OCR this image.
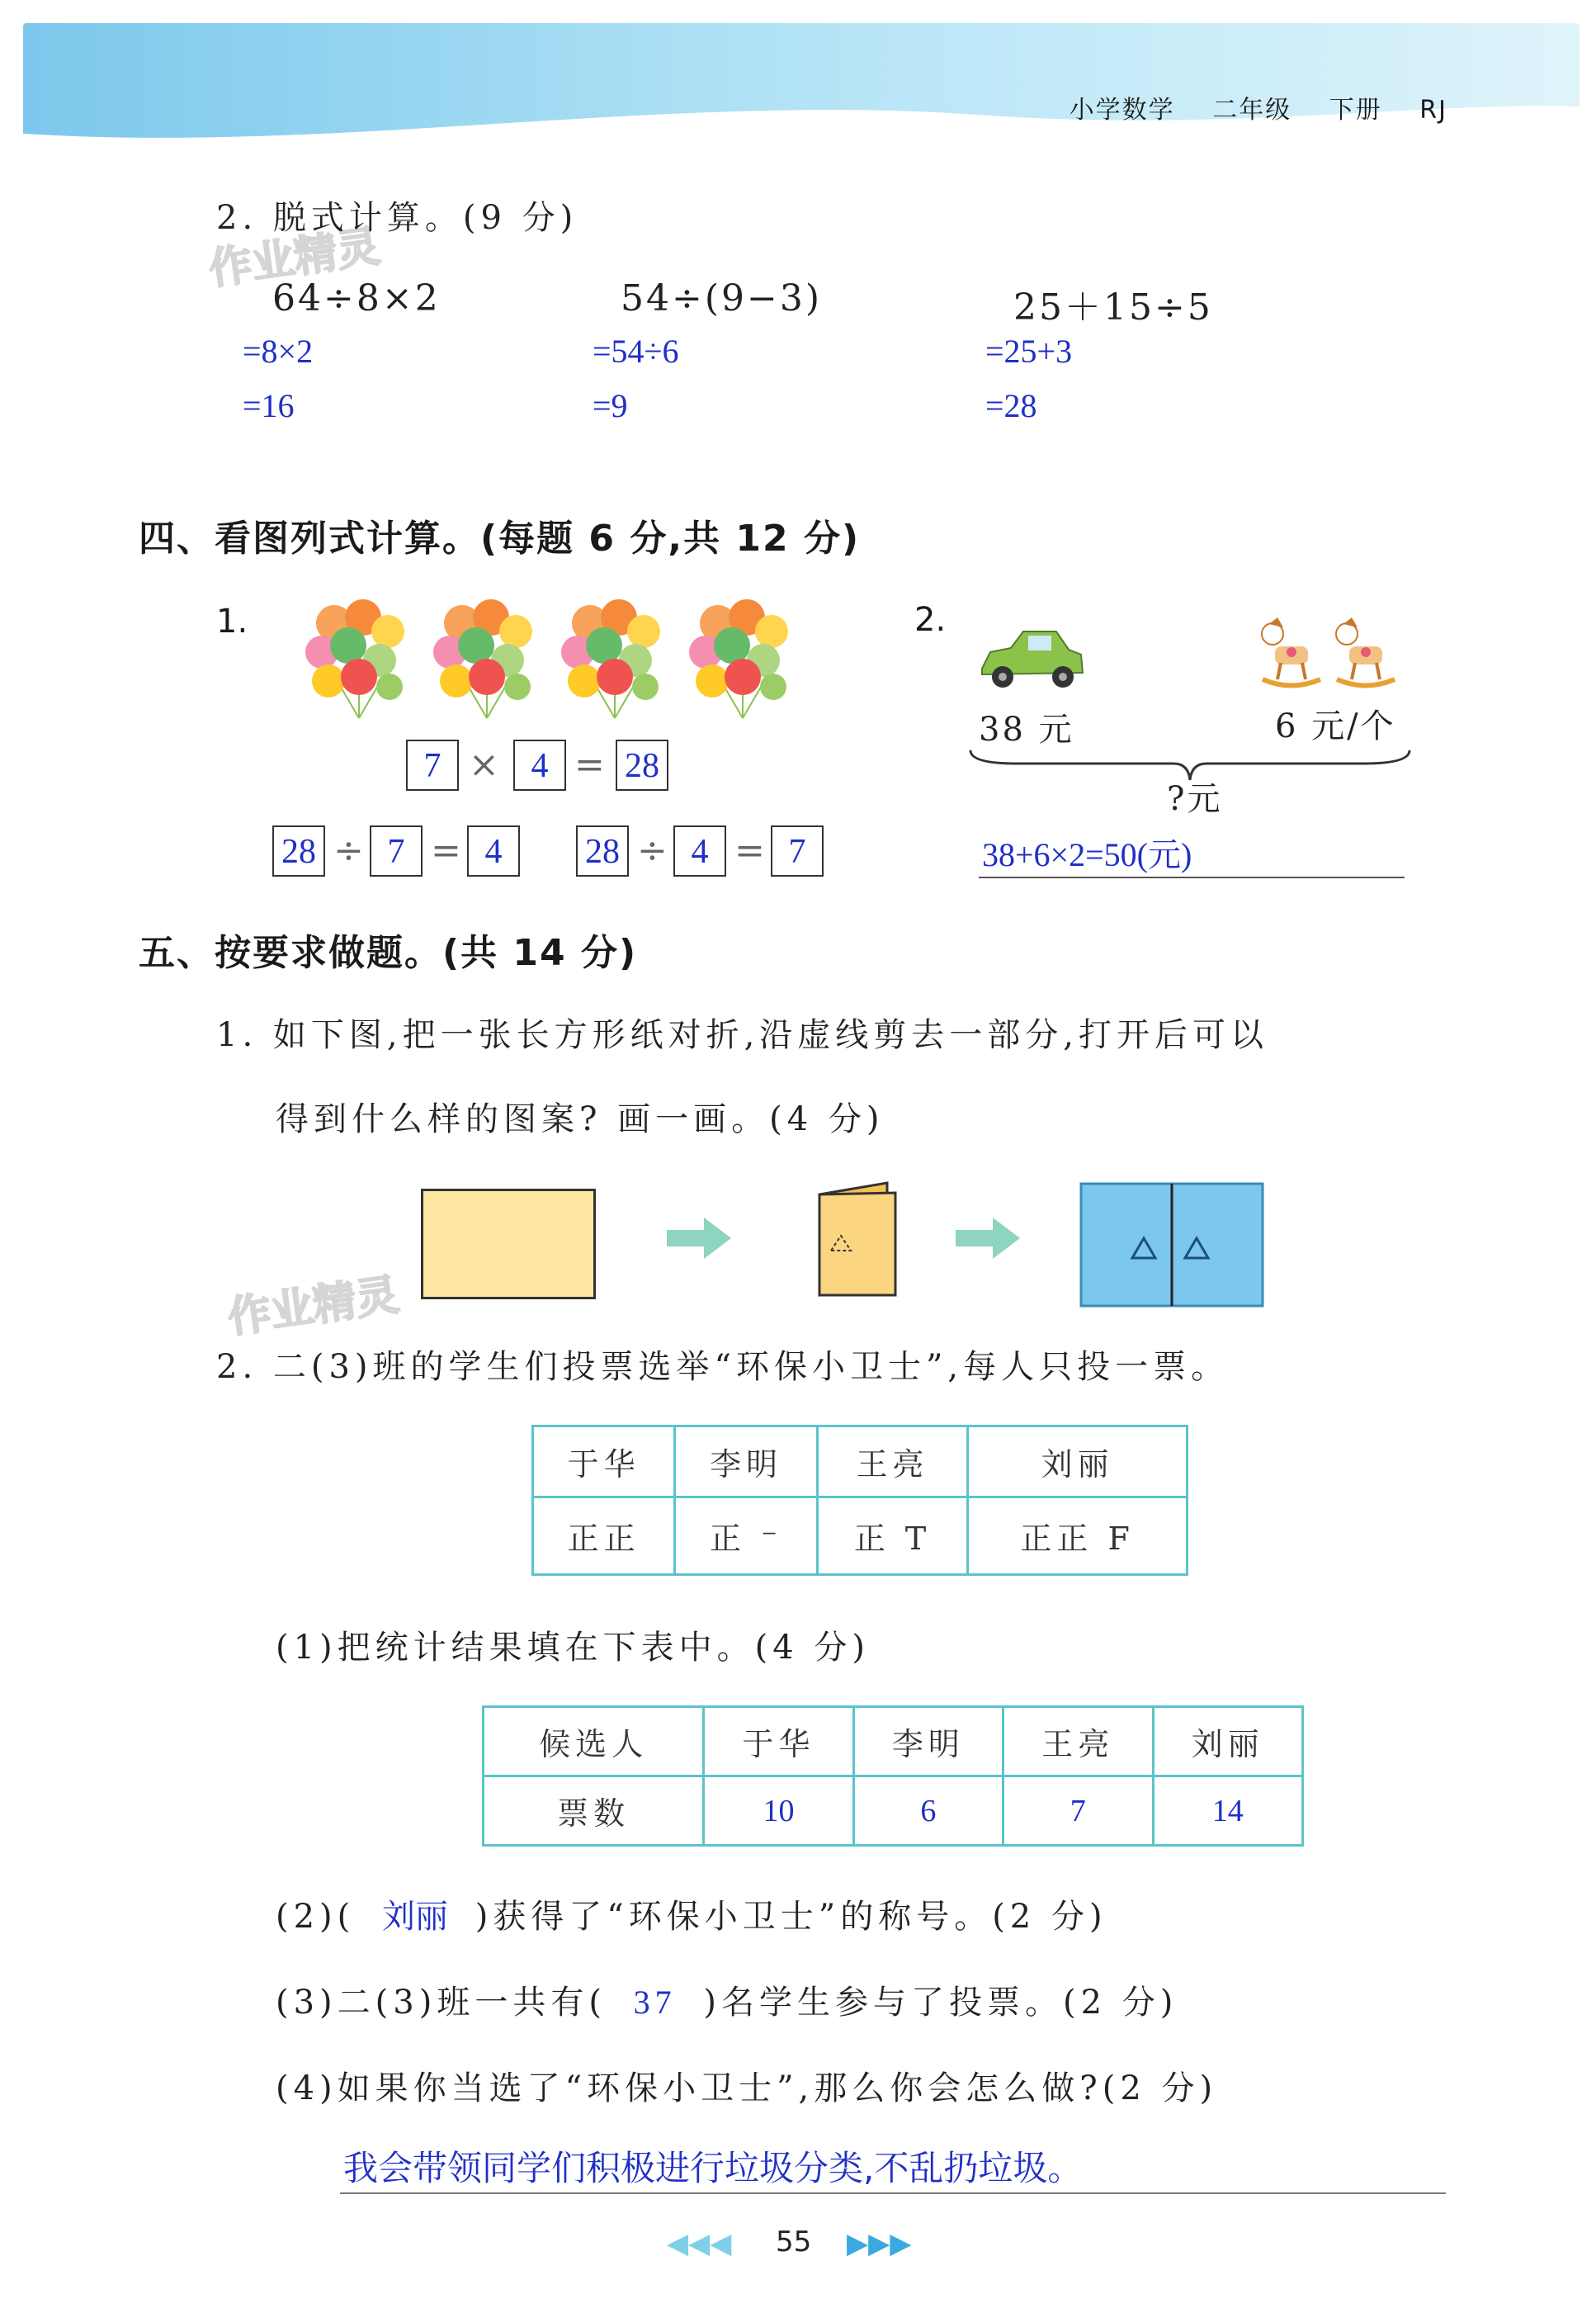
小学数学 二年级 下册 RJ
作业精灵
作业精灵
2. 脱式计算。(9 分)
64÷8×2
=8×2
=16
54÷(9−3)
=54÷6
=9
25＋15÷5
=25+3
=28
四、看图列式计算。(每题 6 分,共 12 分)
1.
7 × 4 = 28
28 ÷ 7 = 4	28 ÷ 4 = 7
2.
38 元	6 元/个
?元
38+6×2=50(元)
五、按要求做题。(共 14 分)
1. 如下图,把一张长方形纸对折,沿虚线剪去一部分,打开后可以
得到什么样的图案? 画一画。(4 分)
2. 二(3)班的学生们投票选举“环保小卫士”,每人只投一票。
于华	李明	王亮	刘丽
正正	正 ⁻	正 T	正正 F
(1)把统计结果填在下表中。(4 分)
候选人	于华	李明	王亮	刘丽
票数	10	6	7	14
(2)( 刘丽 )获得了“环保小卫士”的称号。(2 分)
(3)二(3)班一共有( 37 )名学生参与了投票。(2 分)
(4)如果你当选了“环保小卫士”,那么你会怎么做?(2 分)
我会带领同学们积极进行垃圾分类,不乱扔垃圾。
◀◀◀ 55 ▶▶▶
